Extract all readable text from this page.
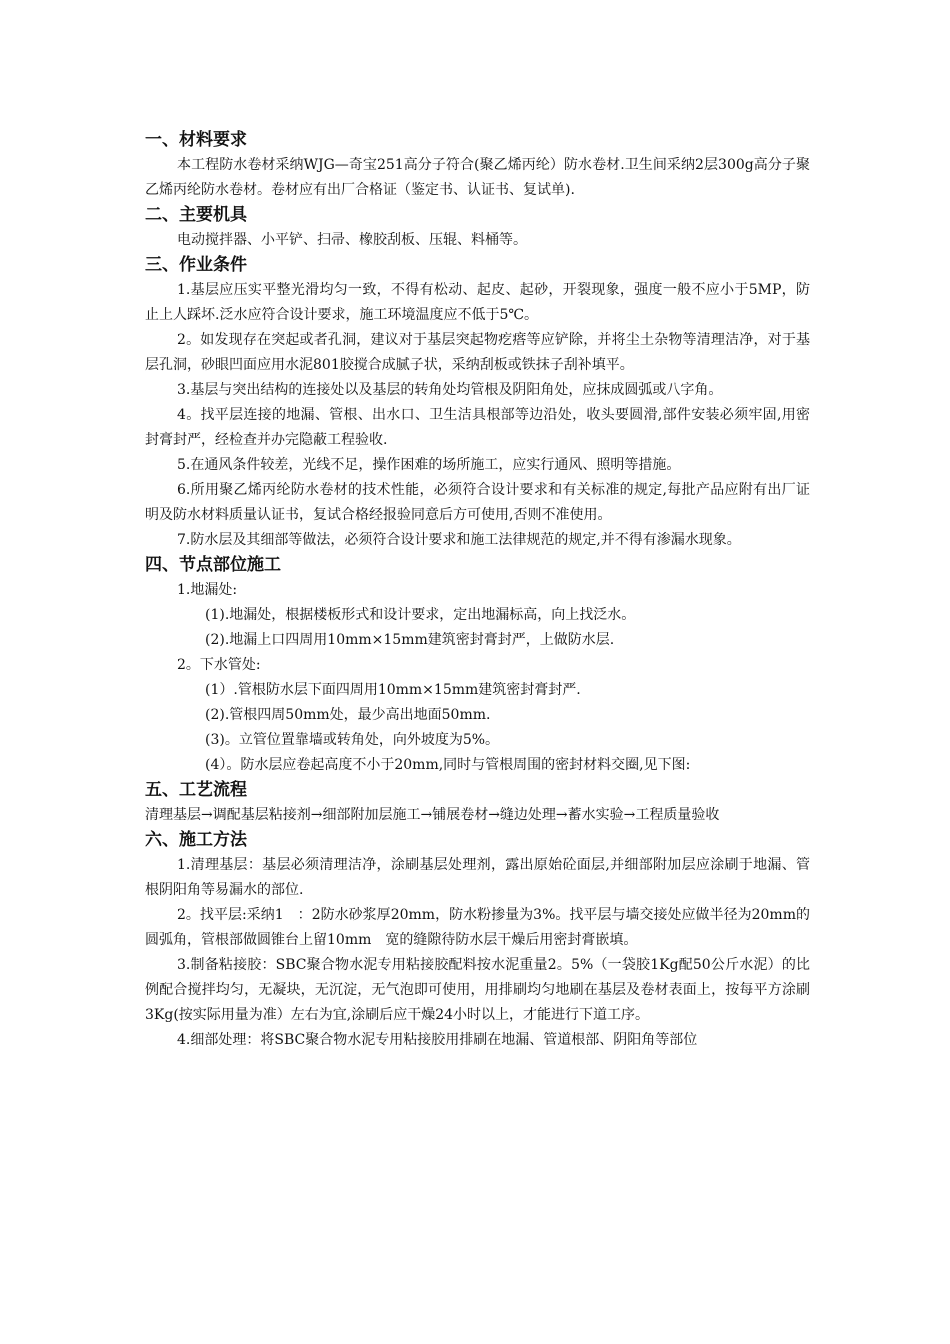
一、材料要求

本工程防水卷材采纳WJG—奇宝251高分子符合(聚乙烯丙纶）防水卷材.卫生间采纳2层300g高分子聚乙烯丙纶防水卷材。卷材应有出厂合格证（鉴定书、认证书、复试单).

二、主要机具

电动搅拌器、小平铲、扫帚、橡胶刮板、压辊、料桶等。

三、作业条件

1.基层应压实平整光滑均匀一致，不得有松动、起皮、起砂，开裂现象，强度一般不应小于5MP，防止上人踩坏.泛水应符合设计要求，施工环境温度应不低于5℃。

2。如发现存在突起或者孔洞，建议对于基层突起物疙瘩等应铲除，并将尘土杂物等清理洁净，对于基层孔洞，砂眼凹面应用水泥801胶搅合成腻子状，采纳刮板或铁抹子刮补填平。

3.基层与突出结构的连接处以及基层的转角处均管根及阴阳角处，应抹成圆弧或八字角。

4。找平层连接的地漏、管根、出水口、卫生洁具根部等边沿处，收头要圆滑,部件安装必须牢固,用密封膏封严，经检查并办完隐蔽工程验收.

5.在通风条件较差，光线不足，操作困难的场所施工，应实行通风、照明等措施。

6.所用聚乙烯丙纶防水卷材的技术性能，必须符合设计要求和有关标准的规定,每批产品应附有出厂证明及防水材料质量认证书，复试合格经报验同意后方可使用,否则不准使用。

7.防水层及其细部等做法，必须符合设计要求和施工法律规范的规定,并不得有渗漏水现象。

四、节点部位施工

1.地漏处:

(1).地漏处，根据楼板形式和设计要求，定出地漏标高，向上找泛水。

(2).地漏上口四周用10mm×15mm建筑密封膏封严，上做防水层.

2。下水管处:

(1）.管根防水层下面四周用10mm×15mm建筑密封膏封严.

(2).管根四周50mm处，最少高出地面50mm.

(3)。立管位置靠墙或转角处，向外坡度为5%。

(4）。防水层应卷起高度不小于20mm,同时与管根周围的密封材料交圈,见下图:

五、工艺流程

清理基层→调配基层粘接剂→细部附加层施工→铺展卷材→缝边处理→蓄水实验→工程质量验收

六、施工方法

1.清理基层：基层必须清理洁净，涂刷基层处理剂，露出原始砼面层,并细部附加层应涂刷于地漏、管根阴阳角等易漏水的部位.

2。找平层:采纳1　：2防水砂浆厚20mm，防水粉掺量为3%。找平层与墙交接处应做半径为20mm的圆弧角，管根部做圆锥台上留10mm　宽的缝隙待防水层干燥后用密封膏嵌填。

3.制备粘接胶：SBC聚合物水泥专用粘接胶配料按水泥重量2。5%（一袋胶1Kg配50公斤水泥）的比例配合搅拌均匀，无凝块，无沉淀，无气泡即可使用，用排刷均匀地刷在基层及卷材表面上，按每平方涂刷3Kg(按实际用量为准）左右为宜,涂刷后应干燥24小时以上，才能进行下道工序。

4.细部处理：将SBC聚合物水泥专用粘接胶用排刷在地漏、管道根部、阴阳角等部位
